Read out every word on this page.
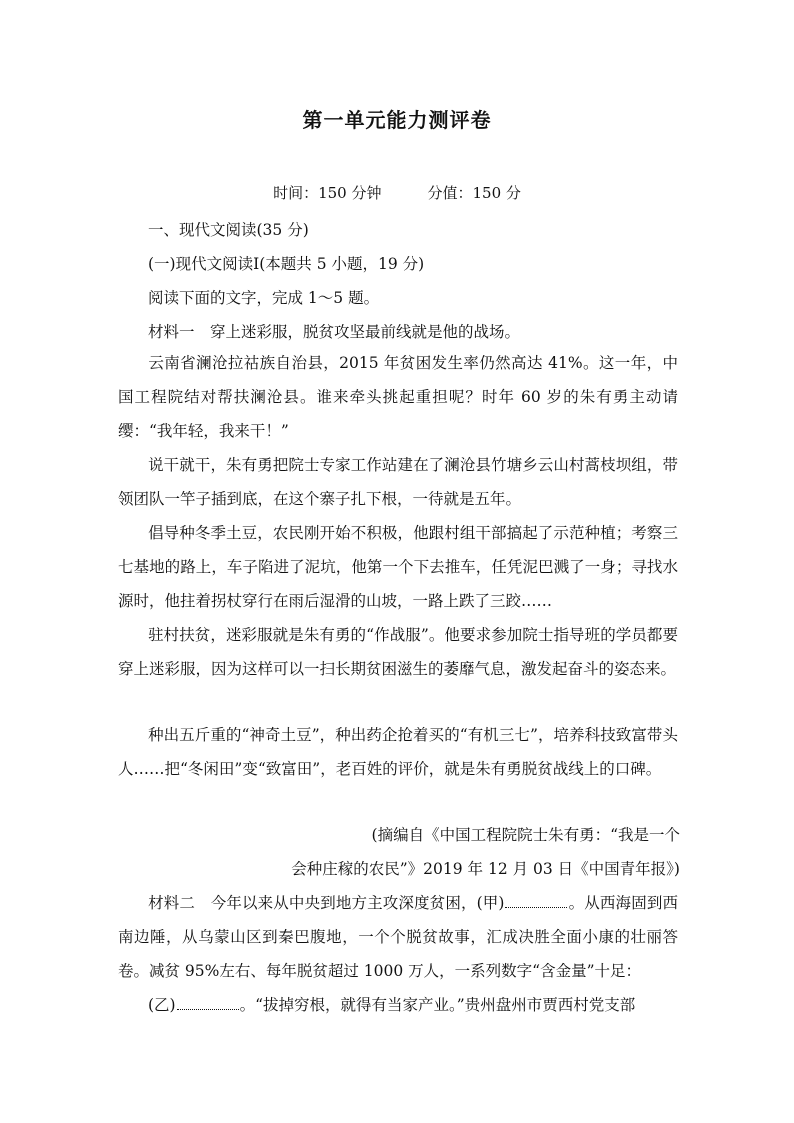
第一单元能力测评卷
时间：150 分钟	分值：150 分
一、现代文阅读(35 分)
(一)现代文阅读Ⅰ(本题共 5 小题，19 分)
阅读下面的文字，完成 1～5 题。
材料一　穿上迷彩服，脱贫攻坚最前线就是他的战场。
云南省澜沧拉祜族自治县，2015 年贫困发生率仍然高达 41%。这一年，中国工程院结对帮扶澜沧县。谁来牵头挑起重担呢？时年 60 岁的朱有勇主动请缨：“我年轻，我来干！”
说干就干，朱有勇把院士专家工作站建在了澜沧县竹塘乡云山村蒿枝坝组，带领团队一竿子插到底，在这个寨子扎下根，一待就是五年。
倡导种冬季土豆，农民刚开始不积极，他跟村组干部搞起了示范种植；考察三七基地的路上，车子陷进了泥坑，他第一个下去推车，任凭泥巴溅了一身；寻找水源时，他拄着拐杖穿行在雨后湿滑的山坡，一路上跌了三跤……
驻村扶贫，迷彩服就是朱有勇的“作战服”。他要求参加院士指导班的学员都要穿上迷彩服，因为这样可以一扫长期贫困滋生的萎靡气息，激发起奋斗的姿态来。
种出五斤重的“神奇土豆”，种出药企抢着买的“有机三七”，培养科技致富带头人……把“冬闲田”变“致富田”，老百姓的评价，就是朱有勇脱贫战线上的口碑。
(摘编自《中国工程院院士朱有勇：“我是一个
会种庄稼的农民”》2019 年 12 月 03 日《中国青年报》)
材料二　今年以来从中央到地方主攻深度贫困，(甲)	。从西海固到西南边陲，从乌蒙山区到秦巴腹地，一个个脱贫故事，汇成决胜全面小康的壮丽答卷。减贫 95%左右、每年脱贫超过 1000 万人，一系列数字“含金量”十足：
(乙)	。“拔掉穷根，就得有当家产业。”贵州盘州市贾西村党支部
